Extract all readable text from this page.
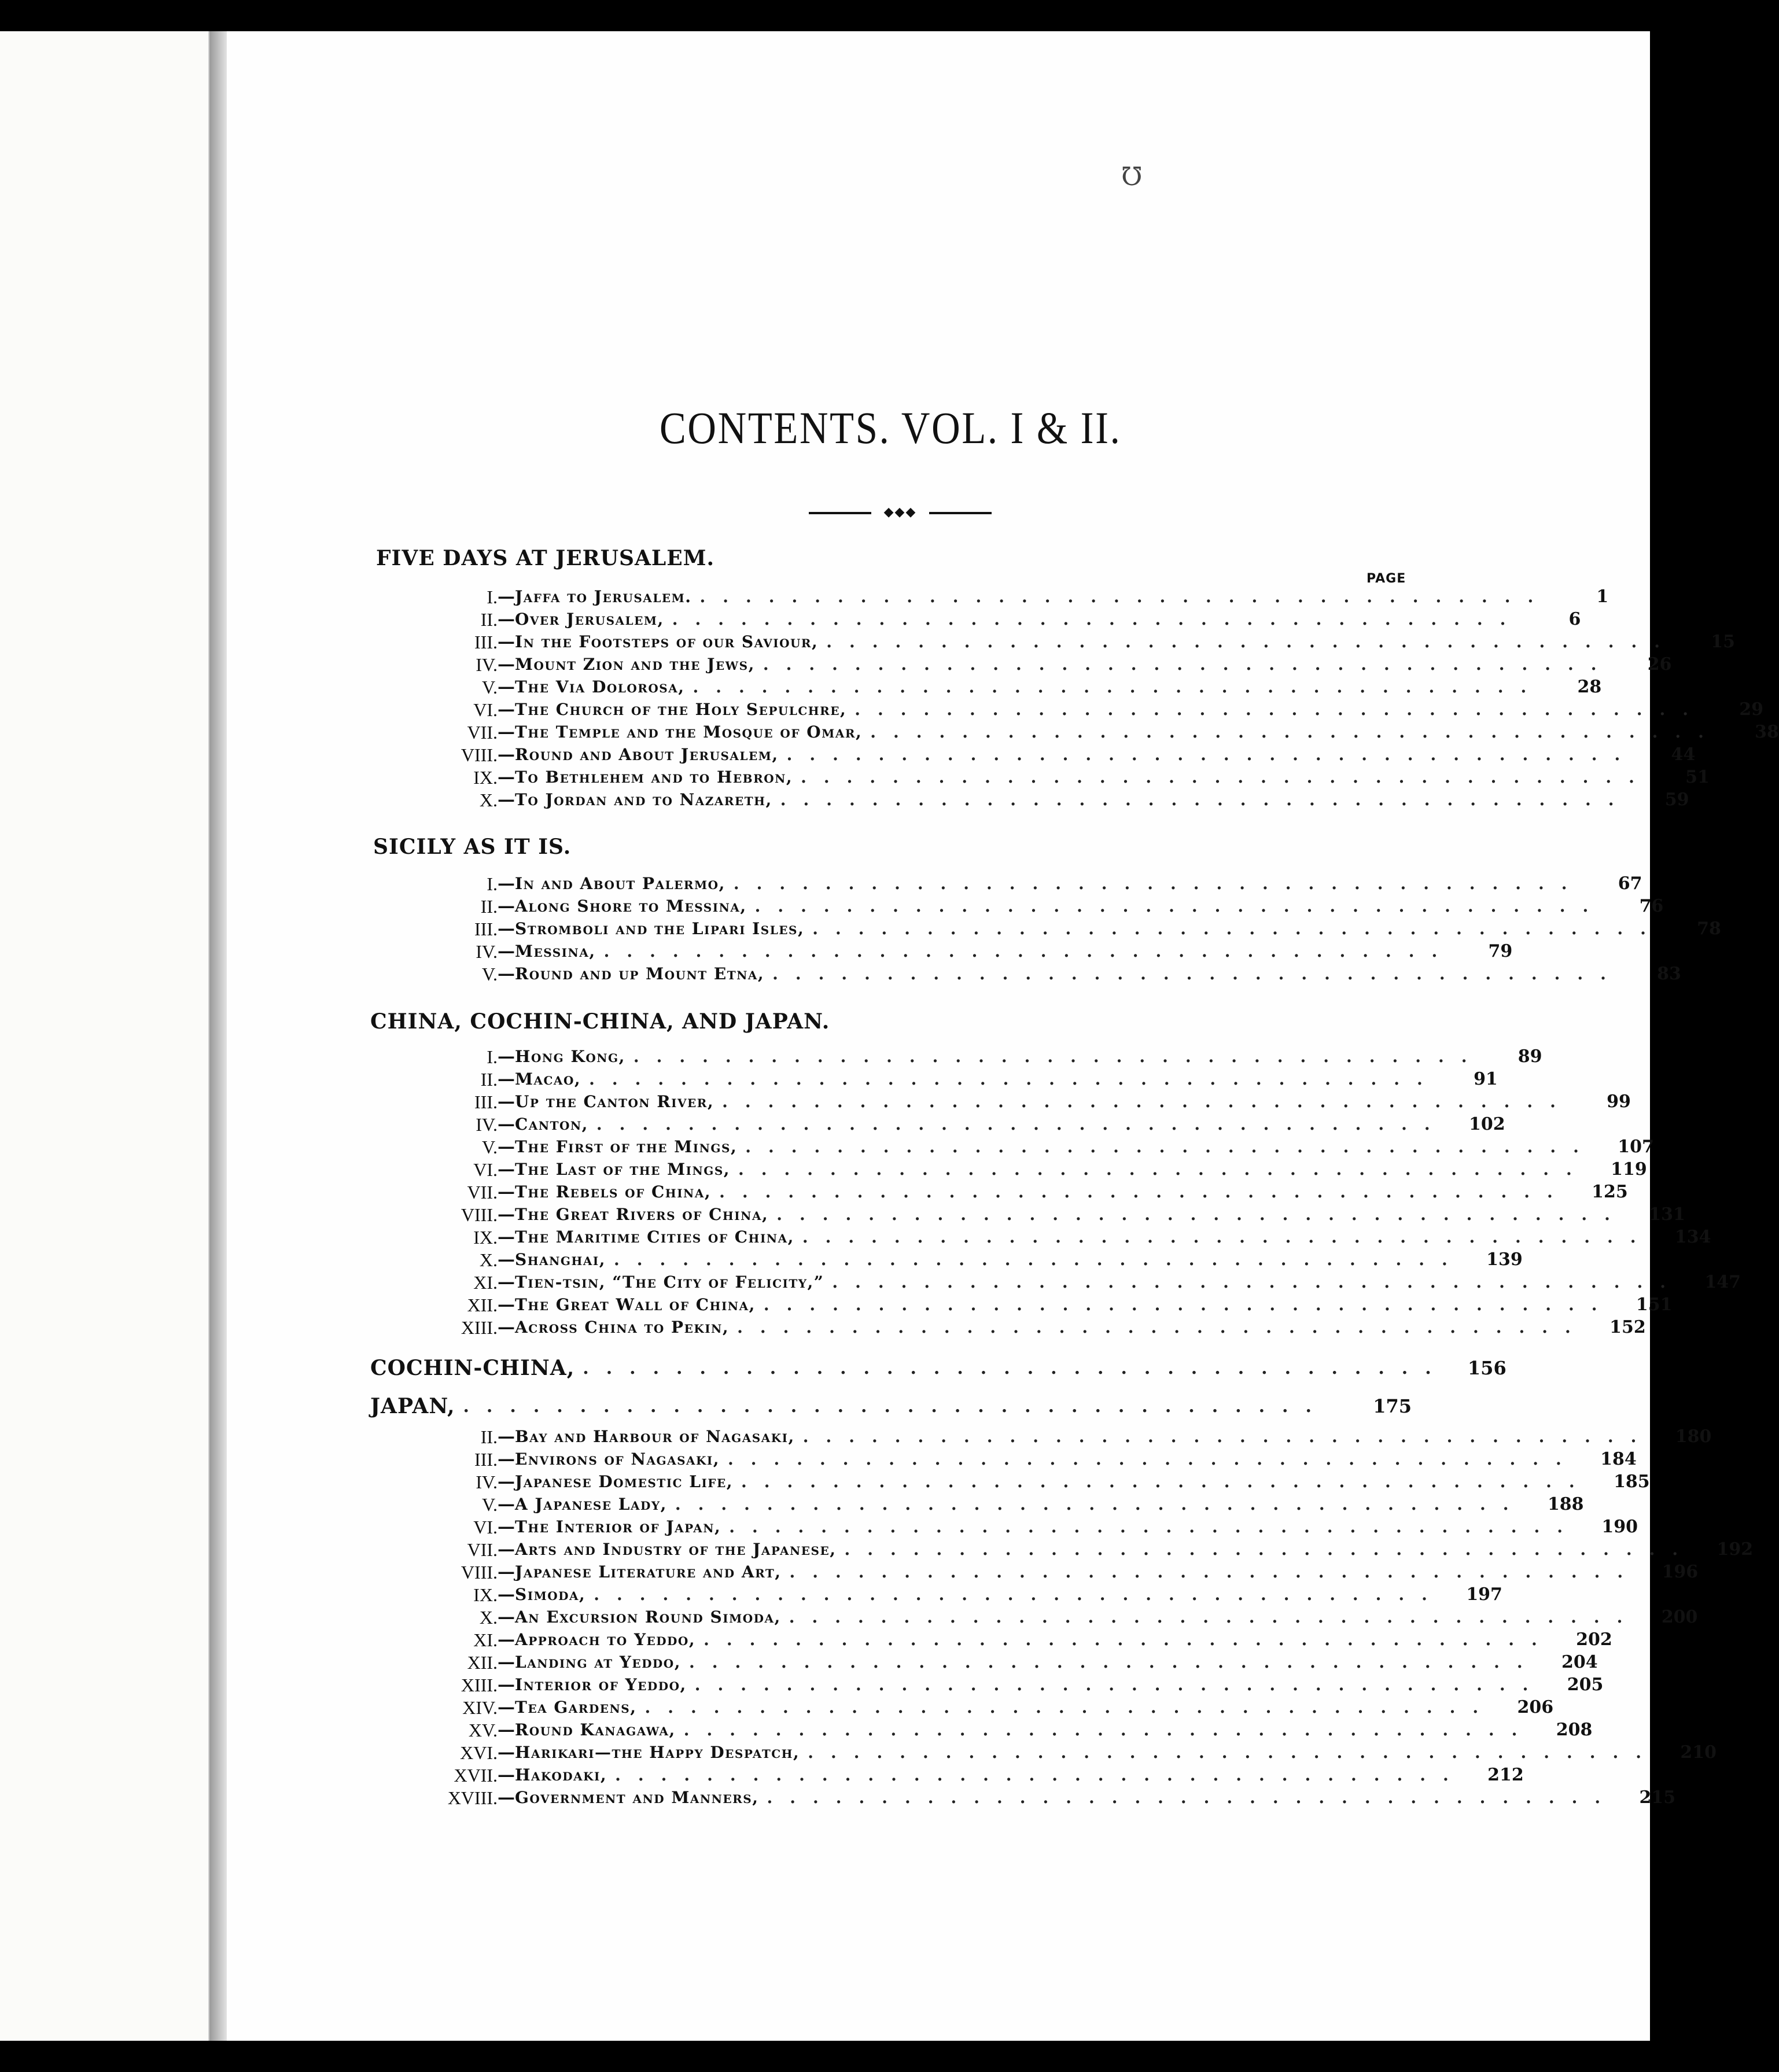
℧
CONTENTS. VOL. I & II.
◆◆◆
PAGE
FIVE DAYS AT JERUSALEM.
I. — Jaffa to Jerusalem. .....................................	1
II. — Over Jerusalem, .....................................	6
III. — In the Footsteps of our Saviour, .....................................	15
IV. — Mount Zion and the Jews, .....................................	26
V. — The Via Dolorosa, .....................................	28
VI. — The Church of the Holy Sepulchre, .....................................	29
VII. — The Temple and the Mosque of Omar, .....................................	38
VIII. — Round and About Jerusalem, .....................................	44
IX. — To Bethlehem and to Hebron, .....................................	51
X. — To Jordan and to Nazareth, .....................................	59
SICILY AS IT IS.
I. — In and About Palermo, .....................................	67
II. — Along Shore to Messina, .....................................	76
III. — Stromboli and the Lipari Isles, .....................................	78
IV. — Messina, .....................................	79
V. — Round and up Mount Etna, .....................................	83
CHINA, COCHIN-CHINA, AND JAPAN.
I. — Hong Kong, .....................................	89
II. — Macao, .....................................	91
III. — Up the Canton River, .....................................	99
IV. — Canton, .....................................	102
V. — The First of the Mings, .....................................	107
VI. — The Last of the Mings, .....................................	119
VII. — The Rebels of China, .....................................	125
VIII. — The Great Rivers of China, .....................................	131
IX. — The Maritime Cities of China, .....................................	134
X. — Shanghai, .....................................	139
XI. — Tien-tsin, “The City of Felicity,” .....................................	147
XII. — The Great Wall of China, .....................................	151
XIII. — Across China to Pekin, .....................................	152
COCHIN-CHINA, .....................................	156
JAPAN, .....................................	175
II. — Bay and Harbour of Nagasaki, .....................................	180
III. — Environs of Nagasaki, .....................................	184
IV. — Japanese Domestic Life, .....................................	185
V. — A Japanese Lady, .....................................	188
VI. — The Interior of Japan, .....................................	190
VII. — Arts and Industry of the Japanese, .....................................	192
VIII. — Japanese Literature and Art, .....................................	196
IX. — Simoda, .....................................	197
X. — An Excursion Round Simoda, .....................................	200
XI. — Approach to Yeddo, .....................................	202
XII. — Landing at Yeddo, .....................................	204
XIII. — Interior of Yeddo, .....................................	205
XIV. — Tea Gardens, .....................................	206
XV. — Round Kanagawa, .....................................	208
XVI. — Harikari—the Happy Despatch, .....................................	210
XVII. — Hakodaki, .....................................	212
XVIII. — Government and Manners, .....................................	215
